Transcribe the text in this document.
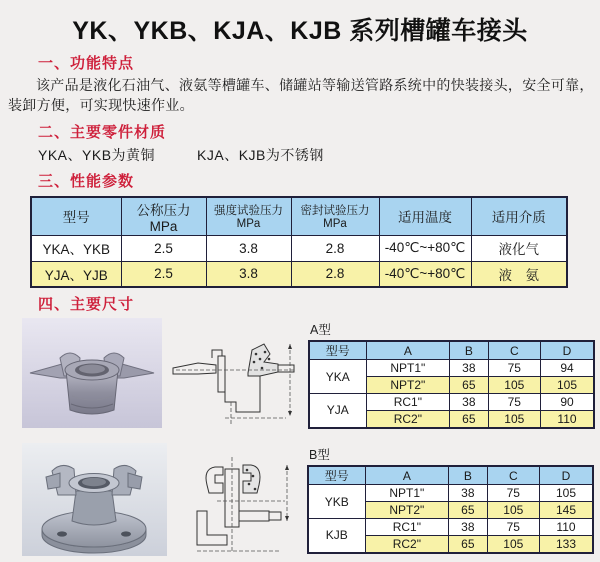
YK、YKB、KJA、KJB 系列槽罐车接头
一、功能特点
该产品是液化石油气、液氨等槽罐车、储罐站等输送管路系统中的快装接头，安全可靠，装卸方便，可实现快速作业。
二、主要零件材质
YKA、YKB为黄铜	KJA、KJB为不锈钢
三、性能参数
型号	公称压力 MPa	强度试验压力MPa	密封试验压力MPa	适用温度	适用介质
YKA、YKB	2.5	3.8	2.8	-40℃~+80℃	液化气
YJA、YJB	2.5	3.8	2.8	-40℃~+80℃	液　氨
四、主要尺寸
A型
型号	A	B	C	D
YKA	NPT1"	38	75	94
	NPT2"	65	105	105
YJA	RC1"	38	75	90
	RC2"	65	105	110
B型
型号	A	B	C	D
YKB	NPT1"	38	75	105
	NPT2"	65	105	145
KJB	RC1"	38	75	110
	RC2"	65	105	133
